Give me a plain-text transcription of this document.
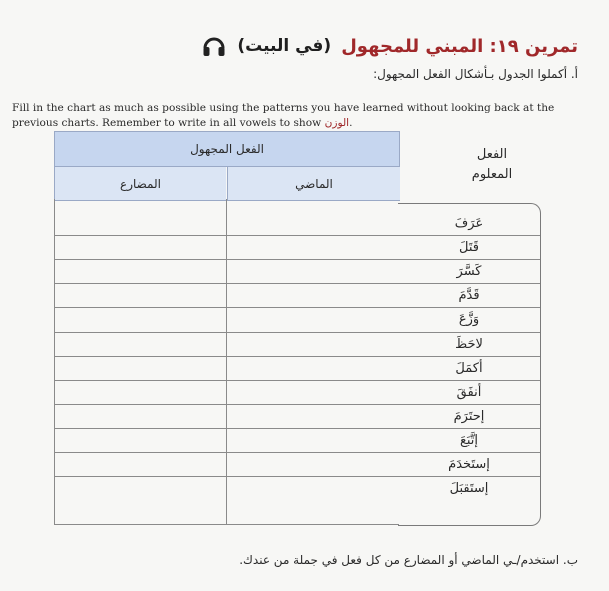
تمرين ١٩: المبني للمجهول
(في البيت)
أ. أكملوا الجدول بـأشكال الفعل المجهول:
Fill in the chart as much as possible using the patterns you have learned without looking back at the previous charts. Remember to write in all vowels to show الوزن.
الفعل المجهول
الماضي
المضارع
الفعل
المعلوم
عَرَفَ
قَتَلَ
كَسَّرَ
قَدَّمَ
وَزَّعَ
لاحَظَ
أكمَلَ
أنفَقَ
إحتَرَمَ
إتَّبَعَ
إستَخدَمَ
إستَقبَلَ
ب. استخدم/ـي الماضي أو المضارع من كل فعل في جملة من عندك.
